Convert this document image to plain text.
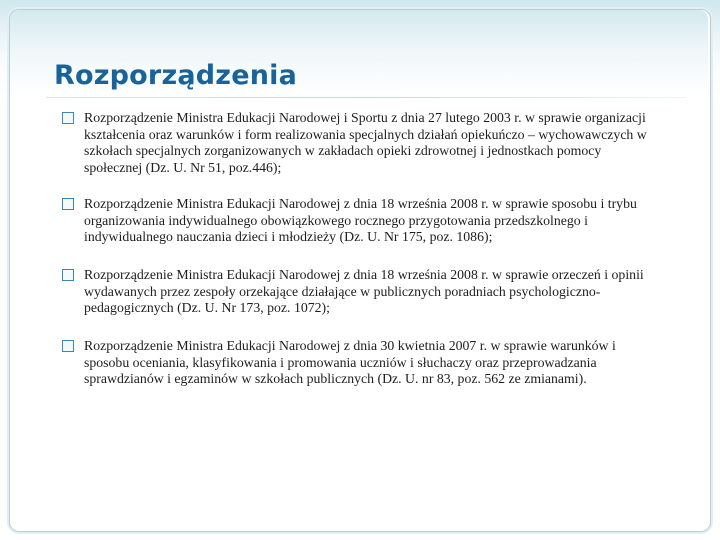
Rozporządzenia
Rozporządzenie Ministra Edukacji Narodowej i Sportu z dnia 27 lutego 2003 r. w sprawie organizacji kształcenia oraz warunków i form realizowania specjalnych działań opiekuńczo – wychowawczych w szkołach specjalnych zorganizowanych w zakładach opieki zdrowotnej i jednostkach pomocy społecznej (Dz. U. Nr 51, poz.446);
Rozporządzenie Ministra Edukacji Narodowej z dnia 18 września 2008 r. w sprawie sposobu i trybu organizowania indywidualnego obowiązkowego rocznego przygotowania przedszkolnego i indywidualnego nauczania dzieci i młodzieży (Dz. U. Nr 175, poz. 1086);
Rozporządzenie Ministra Edukacji Narodowej z dnia 18 września 2008 r. w sprawie orzeczeń i opinii wydawanych przez zespoły orzekające działające w publicznych poradniach psychologiczno- pedagogicznych (Dz. U. Nr 173, poz. 1072);
Rozporządzenie Ministra Edukacji Narodowej z dnia 30 kwietnia 2007 r. w sprawie warunków i sposobu oceniania, klasyfikowania i promowania uczniów i słuchaczy oraz przeprowadzania sprawdzianów i egzaminów w szkołach publicznych (Dz. U. nr 83, poz. 562 ze zmianami).
